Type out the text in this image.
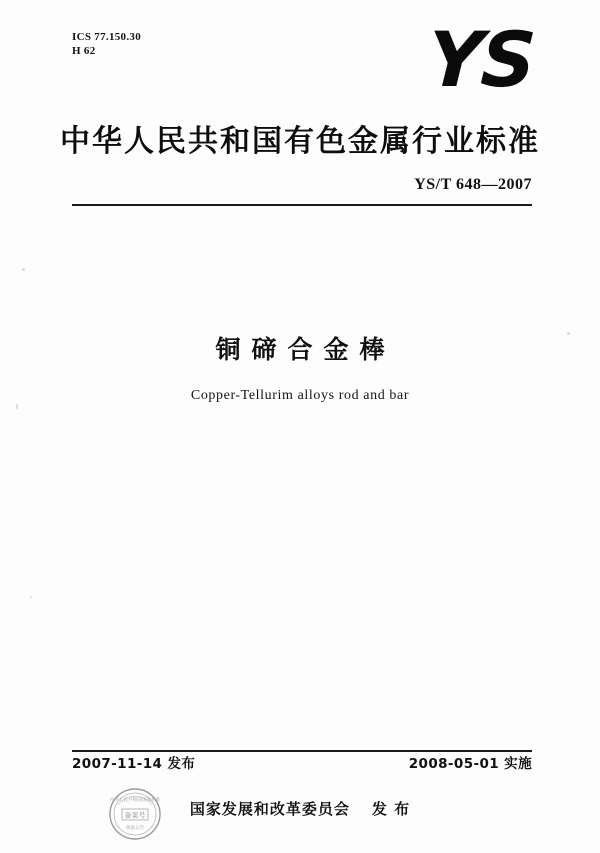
ICS 77.150.30
H 62	YS
中华人民共和国有色金属行业标准
YS/T 648—2007
铜碲合金棒
Copper-Tellurim alloys rod and bar
2007-11-14 发布	2008-05-01 实施
国家发展和改革委员会 发 布
备案号
中华人民共和国国家标准
备案公告
